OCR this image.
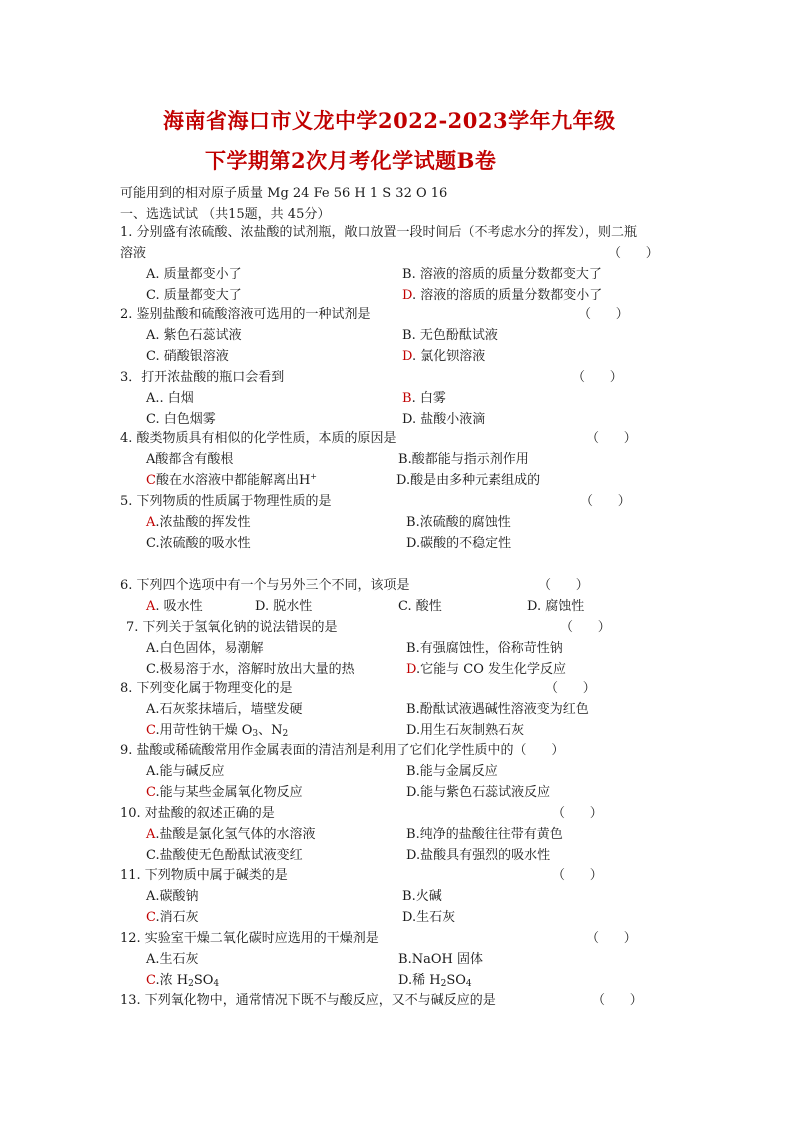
海南省海口市义龙中学2022-2023学年九年级
下学期第2次月考化学试题B卷
可能用到的相对原子质量 Mg 24 Fe 56 H 1 S 32 O 16
一、选选试试 （共15题，共 45分）
1. 分别盛有浓硫酸、浓盐酸的试剂瓶，敞口放置一段时间后（不考虑水分的挥发），则二瓶
溶液	（      ）
A. 质量都变小了	B. 溶液的溶质的质量分数都变大了
C. 质量都变大了	D. 溶液的溶质的质量分数都变小了
2. 鉴别盐酸和硫酸溶液可选用的一种试剂是	（      ）
A. 紫色石蕊试液	B. 无色酚酞试液
C. 硝酸银溶液	D. 氯化钡溶液
3．打开浓盐酸的瓶口会看到	（      ）
A.. 白烟	B. 白雾
C. 白色烟雾	D. 盐酸小液滴
4. 酸类物质具有相似的化学性质，本质的原因是	（      ）
A酸都含有酸根	B.酸都能与指示剂作用
C酸在水溶液中都能解离出H+	D.酸是由多种元素组成的
5. 下列物质的性质属于物理性质的是	（      ）
A.浓盐酸的挥发性	B.浓硫酸的腐蚀性
C.浓硫酸的吸水性	D.碳酸的不稳定性
6. 下列四个选项中有一个与另外三个不同，该项是	（      ）
A. 吸水性	D. 脱水性	C. 酸性	D. 腐蚀性
7. 下列关于氢氧化钠的说法错误的是	（      ）
A.白色固体，易潮解	B.有强腐蚀性，俗称苛性钠
C.极易溶于水，溶解时放出大量的热	D.它能与 CO 发生化学反应
8. 下列变化属于物理变化的是	（      ）
A.石灰浆抹墙后，墙壁发硬	B.酚酞试液遇碱性溶液变为红色
C.用苛性钠干燥 $O_3$、$N_2$	D.用生石灰制熟石灰
9. 盐酸或稀硫酸常用作金属表面的清洁剂是利用了它们化学性质中的（      ）
A.能与碱反应	B.能与金属反应
C.能与某些金属氧化物反应	D.能与紫色石蕊试液反应
10. 对盐酸的叙述正确的是	（      ）
A.盐酸是氯化氢气体的水溶液	B.纯净的盐酸往往带有黄色
C.盐酸使无色酚酞试液变红	D.盐酸具有强烈的吸水性
11. 下列物质中属于碱类的是	（      ）
A.碳酸钠	B.火碱
C.消石灰	D.生石灰
12. 实验室干燥二氧化碳时应选用的干燥剂是	（      ）
A.生石灰	B.NaOH 固体
C.浓 $H_2SO_4$	D.稀 $H_2SO_4$
13. 下列氧化物中，通常情况下既不与酸反应，又不与碱反应的是	（      ）
